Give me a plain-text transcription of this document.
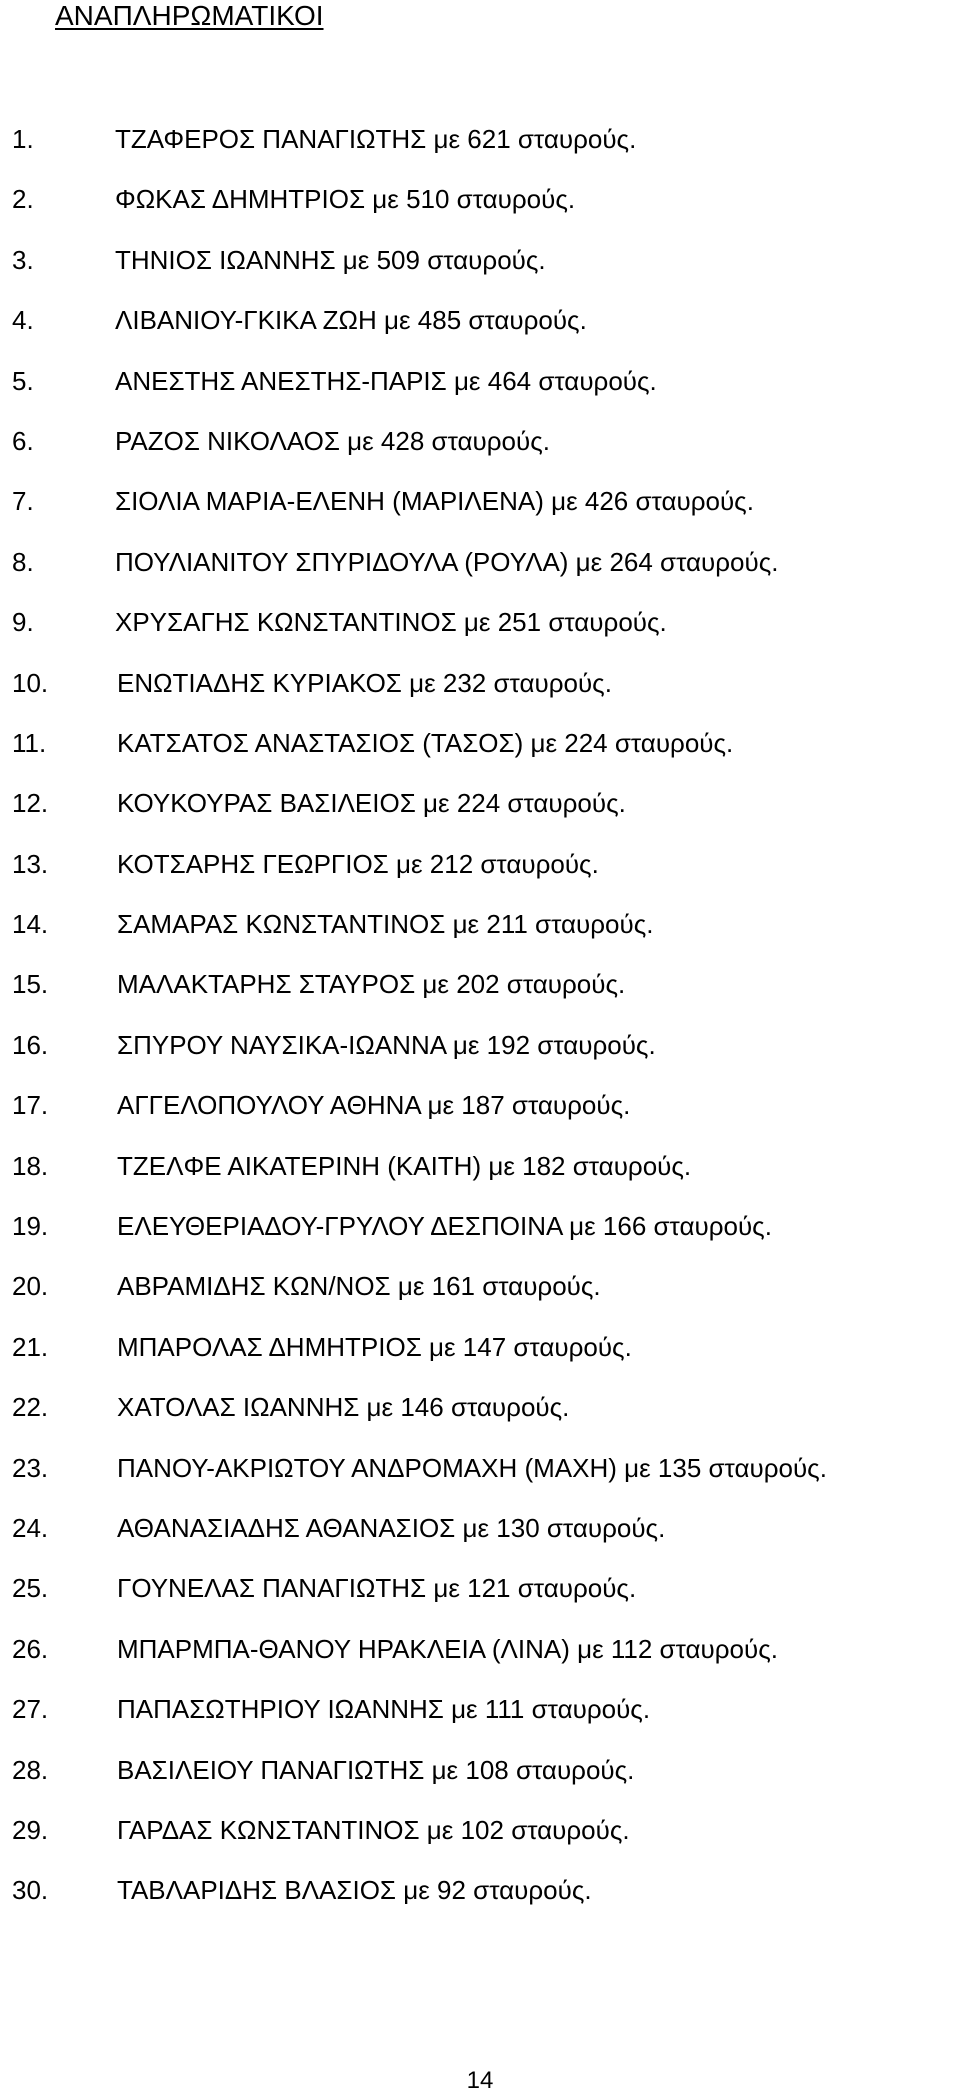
ΑΝΑΠΛΗΡΩΜΑΤΙΚΟΙ
1.	ΤΖΑΦΕΡΟΣ ΠΑΝΑΓΙΩΤΗΣ με 621 σταυρούς.
2.	ΦΩΚΑΣ ΔΗΜΗΤΡΙΟΣ με 510 σταυρούς.
3.	ΤΗΝΙΟΣ ΙΩΑΝΝΗΣ με 509 σταυρούς.
4.	ΛΙΒΑΝΙΟΥ-ΓΚΙΚΑ ΖΩΗ με 485 σταυρούς.
5.	ΑΝΕΣΤΗΣ ΑΝΕΣΤΗΣ-ΠΑΡΙΣ με 464 σταυρούς.
6.	ΡΑΖΟΣ ΝΙΚΟΛΑΟΣ με 428 σταυρούς.
7.	ΣΙΟΛΙΑ ΜΑΡΙΑ-ΕΛΕΝΗ (ΜΑΡΙΛΕΝΑ) με 426 σταυρούς.
8.	ΠΟΥΛΙΑΝΙΤΟΥ ΣΠΥΡΙΔΟΥΛΑ (ΡΟΥΛΑ) με 264 σταυρούς.
9.	ΧΡΥΣΑΓΗΣ ΚΩΝΣΤΑΝΤΙΝΟΣ με 251 σταυρούς.
10.	ΕΝΩΤΙΑΔΗΣ ΚΥΡΙΑΚΟΣ με 232 σταυρούς.
11.	ΚΑΤΣΑΤΟΣ ΑΝΑΣΤΑΣΙΟΣ (ΤΑΣΟΣ) με 224 σταυρούς.
12.	ΚΟΥΚΟΥΡΑΣ ΒΑΣΙΛΕΙΟΣ με 224 σταυρούς.
13.	ΚΟΤΣΑΡΗΣ ΓΕΩΡΓΙΟΣ με 212 σταυρούς.
14.	ΣΑΜΑΡΑΣ ΚΩΝΣΤΑΝΤΙΝΟΣ με 211 σταυρούς.
15.	ΜΑΛΑΚΤΑΡΗΣ ΣΤΑΥΡΟΣ με 202 σταυρούς.
16.	ΣΠΥΡΟΥ ΝΑΥΣΙΚΑ-ΙΩΑΝΝΑ με 192 σταυρούς.
17.	ΑΓΓΕΛΟΠΟΥΛΟΥ ΑΘΗΝΑ με 187 σταυρούς.
18.	ΤΖΕΛΦΕ ΑΙΚΑΤΕΡΙΝΗ (ΚΑΙΤΗ) με 182 σταυρούς.
19.	ΕΛΕΥΘΕΡΙΑΔΟΥ-ΓΡΥΛΟΥ ΔΕΣΠΟΙΝΑ με 166 σταυρούς.
20.	ΑΒΡΑΜΙΔΗΣ ΚΩΝ/ΝΟΣ με 161 σταυρούς.
21.	ΜΠΑΡΟΛΑΣ ΔΗΜΗΤΡΙΟΣ με 147 σταυρούς.
22.	ΧΑΤΟΛΑΣ ΙΩΑΝΝΗΣ με 146 σταυρούς.
23.	ΠΑΝΟΥ-ΑΚΡΙΩΤΟΥ ΑΝΔΡΟΜΑΧΗ (ΜΑΧΗ) με 135 σταυρούς.
24.	ΑΘΑΝΑΣΙΑΔΗΣ ΑΘΑΝΑΣΙΟΣ με 130 σταυρούς.
25.	ΓΟΥΝΕΛΑΣ ΠΑΝΑΓΙΩΤΗΣ με 121 σταυρούς.
26.	ΜΠΑΡΜΠΑ-ΘΑΝΟΥ ΗΡΑΚΛΕΙΑ (ΛΙΝΑ) με 112 σταυρούς.
27.	ΠΑΠΑΣΩΤΗΡΙΟΥ ΙΩΑΝΝΗΣ με 111 σταυρούς.
28.	ΒΑΣΙΛΕΙΟΥ ΠΑΝΑΓΙΩΤΗΣ με 108 σταυρούς.
29.	ΓΑΡΔΑΣ ΚΩΝΣΤΑΝΤΙΝΟΣ με 102 σταυρούς.
30.	ΤΑΒΛΑΡΙΔΗΣ ΒΛΑΣΙΟΣ με 92 σταυρούς.
14
